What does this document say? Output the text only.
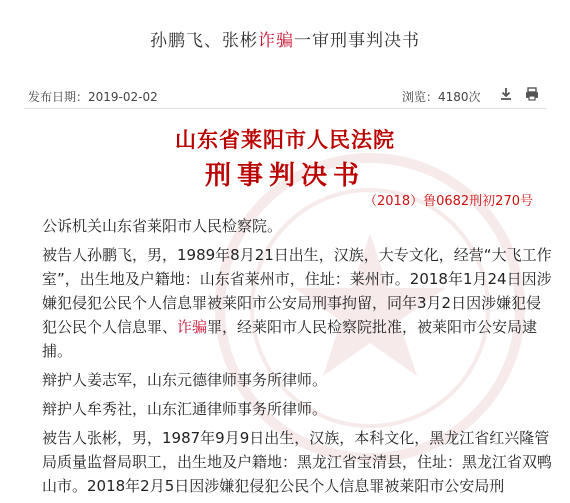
孙鹏飞、张彬诈骗一审刑事判决书
发布日期：2019-02-02	浏览：4180次
山东省莱阳市人民法院
刑事判决书
（2018）鲁0682刑初270号

公诉机关山东省莱阳市人民检察院。

被告人孙鹏飞，男，1989年8月21日出生，汉族，大专文化，经营“大飞工作室”，出生地及户籍地：山东省莱州市，住址：莱州市。2018年1月24日因涉嫌犯侵犯公民个人信息罪被莱阳市公安局刑事拘留，同年3月2日因涉嫌犯侵犯公民个人信息罪、诈骗罪，经莱阳市人民检察院批准，被莱阳市公安局逮捕。

辩护人姜志军，山东元德律师事务所律师。

辩护人牟秀社，山东汇通律师事务所律师。

被告人张彬，男，1987年9月9日出生，汉族，本科文化，黑龙江省红兴隆管局质量监督局职工，出生地及户籍地：黑龙江省宝清县，住址：黑龙江省双鸭山市。2018年2月5日因涉嫌犯侵犯公民个人信息罪被莱阳市公安局刑
